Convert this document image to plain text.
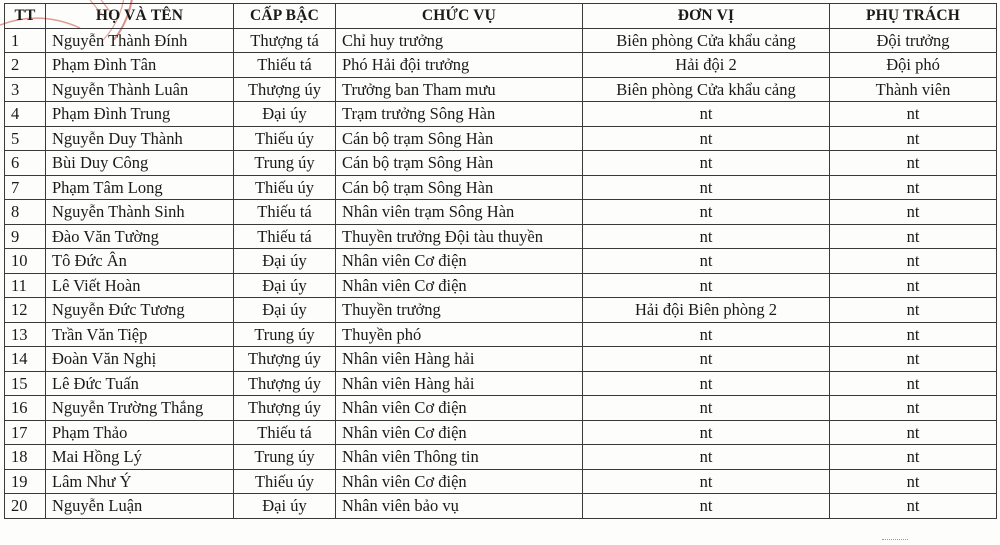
TT	HỌ VÀ TÊN	CẤP BẬC	CHỨC VỤ	ĐƠN VỊ	PHỤ TRÁCH
1	Nguyễn Thành Đính	Thượng tá	Chỉ huy trưởng	Biên phòng Cửa khẩu cảng	Đội trưởng
2	Phạm Đình Tân	Thiếu tá	Phó Hải đội trưởng	Hải đội 2	Đội phó
3	Nguyễn Thành Luân	Thượng úy	Trưởng ban Tham mưu	Biên phòng Cửa khẩu cảng	Thành viên
4	Phạm Đình Trung	Đại úy	Trạm trưởng Sông Hàn	nt	nt
5	Nguyễn Duy Thành	Thiếu úy	Cán bộ trạm Sông Hàn	nt	nt
6	Bùi Duy Công	Trung úy	Cán bộ trạm Sông Hàn	nt	nt
7	Phạm Tâm Long	Thiếu úy	Cán bộ trạm Sông Hàn	nt	nt
8	Nguyễn Thành Sinh	Thiếu tá	Nhân viên trạm Sông Hàn	nt	nt
9	Đào Văn Tường	Thiếu tá	Thuyền trưởng Đội tàu thuyền	nt	nt
10	Tô Đức Ân	Đại úy	Nhân viên Cơ điện	nt	nt
11	Lê Viết Hoàn	Đại úy	Nhân viên Cơ điện	nt	nt
12	Nguyễn Đức Tương	Đại úy	Thuyền trưởng	Hải đội Biên phòng 2	nt
13	Trần Văn Tiệp	Trung úy	Thuyền phó	nt	nt
14	Đoàn Văn Nghị	Thượng úy	Nhân viên Hàng hải	nt	nt
15	Lê Đức Tuấn	Thượng úy	Nhân viên Hàng hải	nt	nt
16	Nguyễn Trường Thắng	Thượng úy	Nhân viên Cơ điện	nt	nt
17	Phạm Thảo	Thiếu tá	Nhân viên Cơ điện	nt	nt
18	Mai Hồng Lý	Trung úy	Nhân viên Thông tin	nt	nt
19	Lâm Như Ý	Thiếu úy	Nhân viên Cơ điện	nt	nt
20	Nguyễn Luận	Đại úy	Nhân viên bảo vụ	nt	nt
